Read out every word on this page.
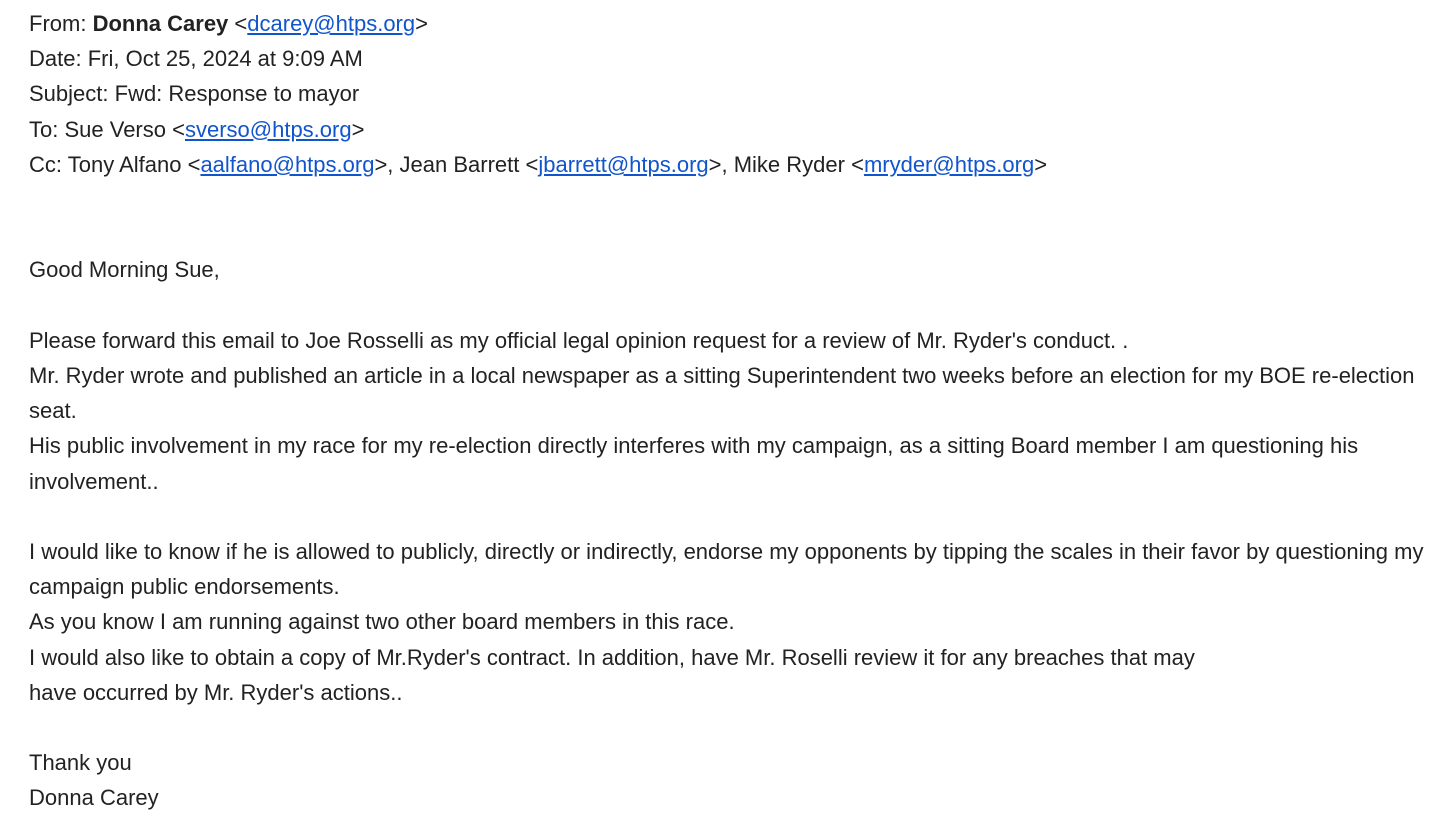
From: Donna Carey <dcarey@htps.org>
Date: Fri, Oct 25, 2024 at 9:09 AM
Subject: Fwd: Response to mayor
To: Sue Verso <sverso@htps.org>
Cc: Tony Alfano <aalfano@htps.org>, Jean Barrett <jbarrett@htps.org>, Mike Ryder <mryder@htps.org>
Good Morning Sue,
Please forward this email to Joe Rosselli as my official legal opinion request for a review of Mr. Ryder's conduct. .
Mr. Ryder wrote and published an article in a local newspaper as a sitting Superintendent two weeks before an election for my BOE re-election seat.
His public involvement in my race for my re-election directly interferes with my campaign, as a sitting Board member I am questioning his involvement..
I would like to know if he is allowed to publicly, directly or indirectly, endorse my opponents by tipping the scales in their favor by questioning my campaign public endorsements.
As you know I am running against two other board members in this race.
I would also like to obtain a copy of Mr.Ryder's contract. In addition, have Mr. Roselli review it for any breaches that may
have occurred by Mr. Ryder's actions..
Thank you
Donna Carey
